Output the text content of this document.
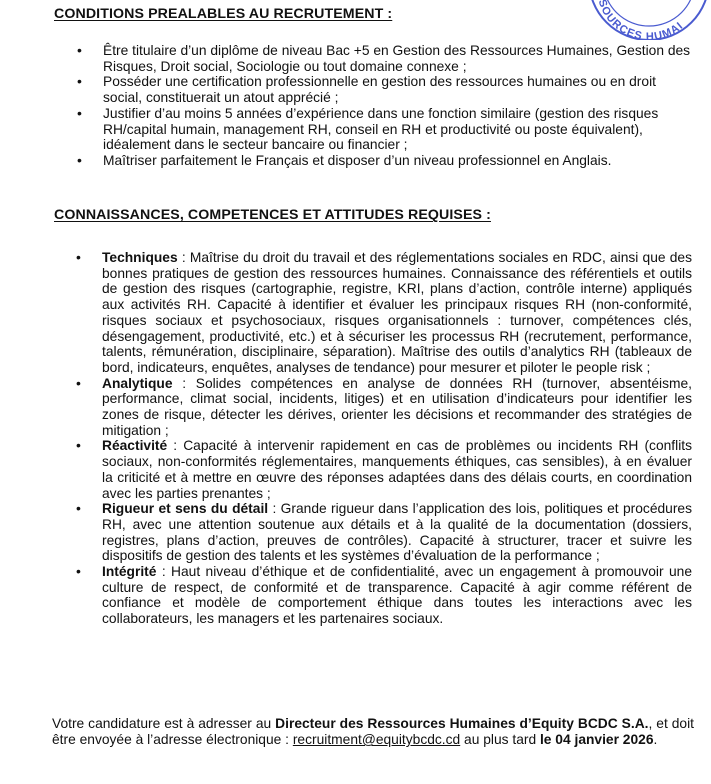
SOURCES HUMAI
CONDITIONS PREALABLES AU RECRUTEMENT :
• Être titulaire d’un diplôme de niveau Bac +5 en Gestion des Ressources Humaines, Gestion des Risques, Droit social, Sociologie ou tout domaine connexe ;
• Posséder une certification professionnelle en gestion des ressources humaines ou en droit social, constituerait un atout apprécié ;
• Justifier d’au moins 5 années d’expérience dans une fonction similaire (gestion des risques RH/capital humain, management RH, conseil en RH et productivité ou poste équivalent), idéalement dans le secteur bancaire ou financier ;
• Maîtriser parfaitement le Français et disposer d’un niveau professionnel en Anglais.
CONNAISSANCES, COMPETENCES ET ATTITUDES REQUISES :
• Techniques : Maîtrise du droit du travail et des réglementations sociales en RDC, ainsi que des bonnes pratiques de gestion des ressources humaines. Connaissance des référentiels et outils de gestion des risques (cartographie, registre, KRI, plans d’action, contrôle interne) appliqués aux activités RH. Capacité à identifier et évaluer les principaux risques RH (non-conformité, risques sociaux et psychosociaux, risques organisationnels : turnover, compétences clés, désengagement, productivité, etc.) et à sécuriser les processus RH (recrutement, performance, talents, rémunération, disciplinaire, séparation). Maîtrise des outils d’analytics RH (tableaux de bord, indicateurs, enquêtes, analyses de tendance) pour mesurer et piloter le people risk ;
• Analytique : Solides compétences en analyse de données RH (turnover, absentéisme, performance, climat social, incidents, litiges) et en utilisation d’indicateurs pour identifier les zones de risque, détecter les dérives, orienter les décisions et recommander des stratégies de mitigation ;
• Réactivité : Capacité à intervenir rapidement en cas de problèmes ou incidents RH (conflits sociaux, non-conformités réglementaires, manquements éthiques, cas sensibles), à en évaluer la criticité et à mettre en œuvre des réponses adaptées dans des délais courts, en coordination avec les parties prenantes ;
• Rigueur et sens du détail : Grande rigueur dans l’application des lois, politiques et procédures RH, avec une attention soutenue aux détails et à la qualité de la documentation (dossiers, registres, plans d’action, preuves de contrôles). Capacité à structurer, tracer et suivre les dispositifs de gestion des talents et les systèmes d’évaluation de la performance ;
• Intégrité : Haut niveau d’éthique et de confidentialité, avec un engagement à promouvoir une culture de respect, de conformité et de transparence. Capacité à agir comme référent de confiance et modèle de comportement éthique dans toutes les interactions avec les collaborateurs, les managers et les partenaires sociaux.

Votre candidature est à adresser au Directeur des Ressources Humaines d’Equity BCDC S.A., et doit être envoyée à l’adresse électronique : recruitment@equitybcdc.cd au plus tard le 04 janvier 2026.
